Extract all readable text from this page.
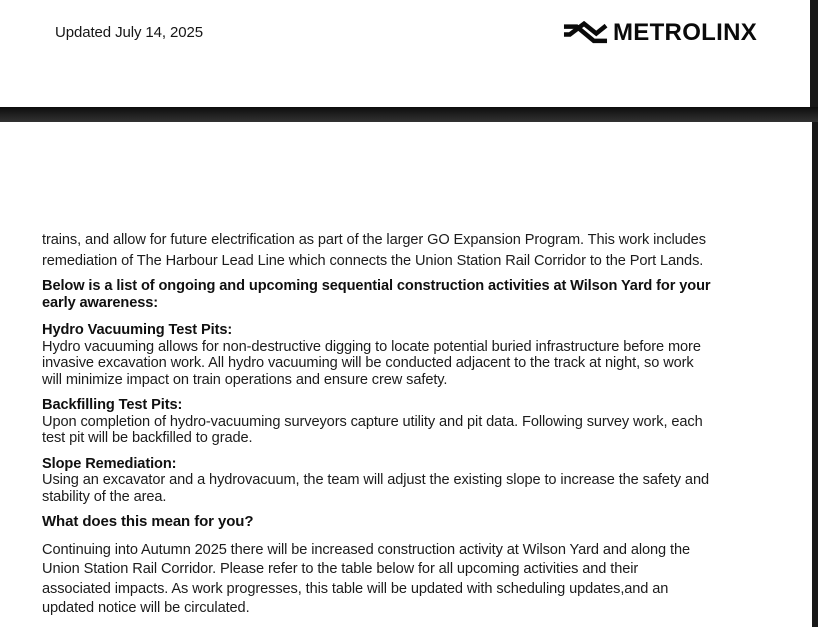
Updated July 14, 2025	METROLINX
trains, and allow for future electrification as part of the larger GO Expansion Program. This work includes
remediation of The Harbour Lead Line which connects the Union Station Rail Corridor to the Port Lands.
Below is a list of ongoing and upcoming sequential construction activities at Wilson Yard for your
early awareness:
Hydro Vacuuming Test Pits:
Hydro vacuuming allows for non-destructive digging to locate potential buried infrastructure before more
invasive excavation work. All hydro vacuuming will be conducted adjacent to the track at night, so work
will minimize impact on train operations and ensure crew safety.
Backfilling Test Pits:
Upon completion of hydro-vacuuming surveyors capture utility and pit data. Following survey work, each
test pit will be backfilled to grade.
Slope Remediation:
Using an excavator and a hydrovacuum, the team will adjust the existing slope to increase the safety and
stability of the area.
What does this mean for you?
Continuing into Autumn 2025 there will be increased construction activity at Wilson Yard and along the
Union Station Rail Corridor. Please refer to the table below for all upcoming activities and their
associated impacts. As work progresses, this table will be updated with scheduling updates,and an
updated notice will be circulated.
